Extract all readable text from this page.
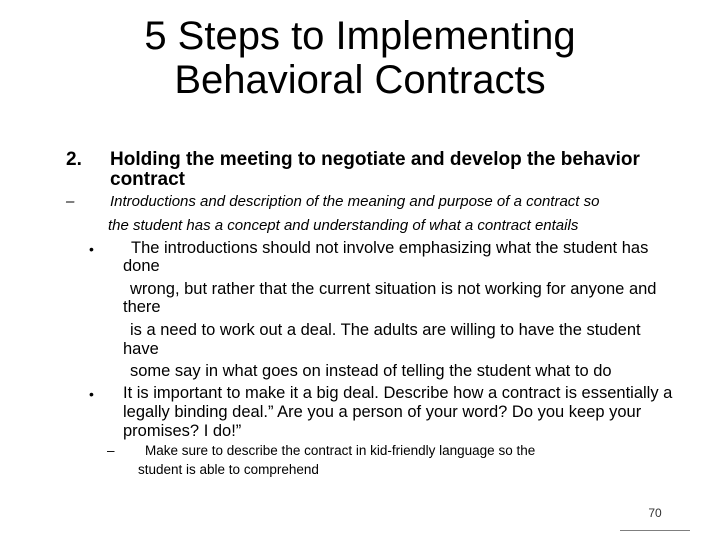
5 Steps to Implementing
Behavioral Contracts
2. Holding the meeting to negotiate and develop the behavior
contract
– Introductions and description of the meaning and purpose of a contract so
the student has a concept and understanding of what a contract entails
• The introductions should not involve emphasizing what the student has
done
wrong, but rather that the current situation is not working for anyone and
there
is a need to work out a deal. The adults are willing to have the student
have
some say in what goes on instead of telling the student what to do
• It is important to make it a big deal. Describe how a contract is essentially a
legally binding deal.” Are you a person of your word? Do you keep your
promises? I do!”
– Make sure to describe the contract in kid-friendly language so the
student is able to comprehend
70
